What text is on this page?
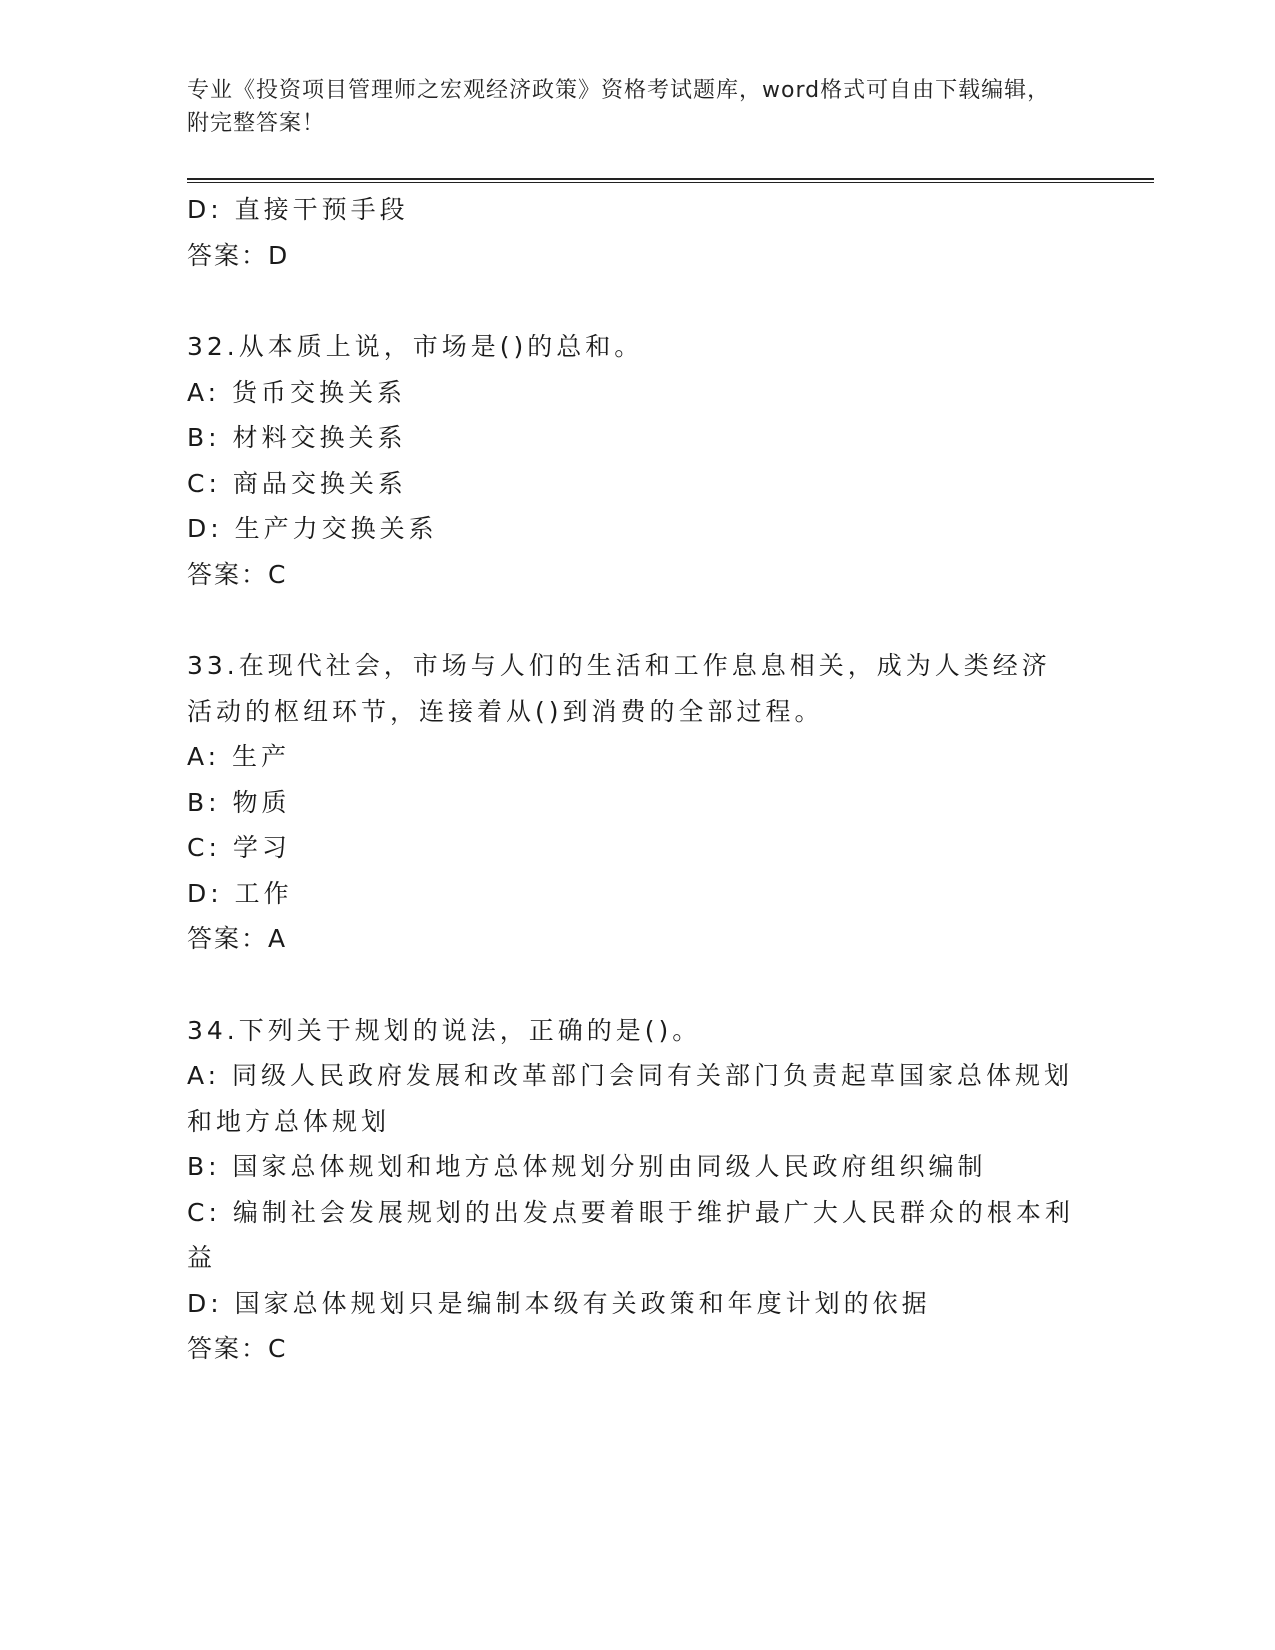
专业《投资项目管理师之宏观经济政策》资格考试题库，word格式可自由下载编辑，附完整答案！
D: 直接干预手段
答案：D
32.从本质上说，市场是()的总和。
A: 货币交换关系
B: 材料交换关系
C: 商品交换关系
D: 生产力交换关系
答案：C
33.在现代社会，市场与人们的生活和工作息息相关，成为人类经济活动的枢纽环节，连接着从()到消费的全部过程。
A: 生产
B: 物质
C: 学习
D: 工作
答案：A
34.下列关于规划的说法，正确的是()。
A: 同级人民政府发展和改革部门会同有关部门负责起草国家总体规划和地方总体规划
B: 国家总体规划和地方总体规划分别由同级人民政府组织编制
C: 编制社会发展规划的出发点要着眼于维护最广大人民群众的根本利益
D: 国家总体规划只是编制本级有关政策和年度计划的依据
答案：C
